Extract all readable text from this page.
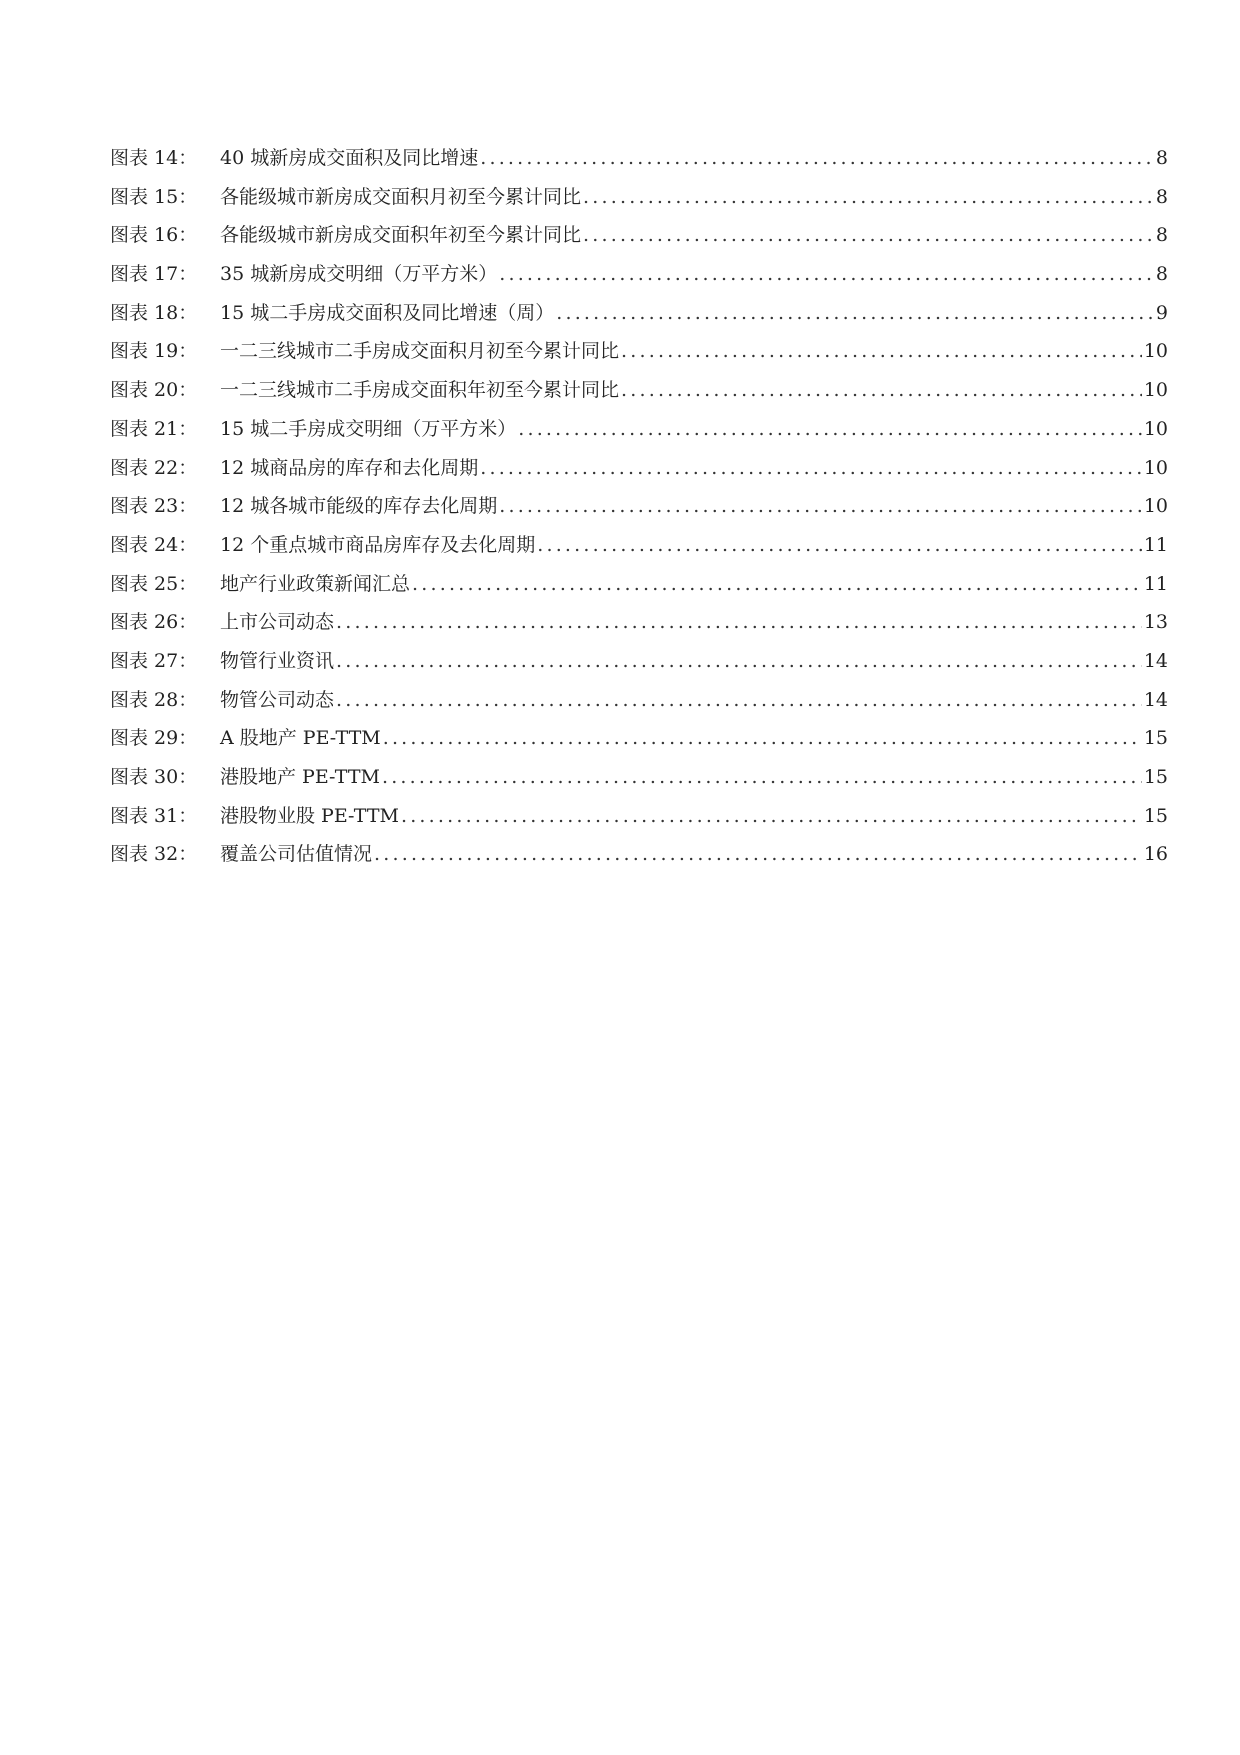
图表 14：	40 城新房成交面积及同比增速 .....	8
图表 15：	各能级城市新房成交面积月初至今累计同比 .....	8
图表 16：	各能级城市新房成交面积年初至今累计同比 .....	8
图表 17：	35 城新房成交明细（万平方米） .....	8
图表 18：	15 城二手房成交面积及同比增速（周） .....	9
图表 19：	一二三线城市二手房成交面积月初至今累计同比 .....	10
图表 20：	一二三线城市二手房成交面积年初至今累计同比 .....	10
图表 21：	15 城二手房成交明细（万平方米） .....	10
图表 22：	12 城商品房的库存和去化周期 .....	10
图表 23：	12 城各城市能级的库存去化周期 .....	10
图表 24：	12 个重点城市商品房库存及去化周期 .....	11
图表 25：	地产行业政策新闻汇总 .....	11
图表 26：	上市公司动态 .....	13
图表 27：	物管行业资讯 .....	14
图表 28：	物管公司动态 .....	14
图表 29：	A 股地产 PE-TTM .....	15
图表 30：	港股地产 PE-TTM .....	15
图表 31：	港股物业股 PE-TTM .....	15
图表 32：	覆盖公司估值情况 .....	16
